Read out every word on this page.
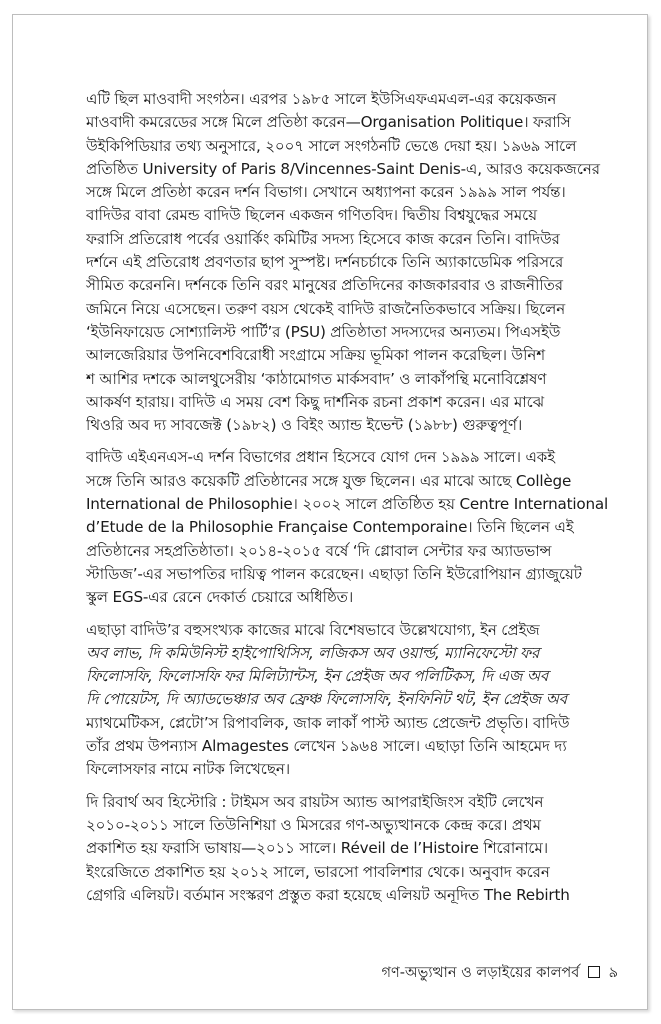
এটি ছিল মাওবাদী সংগঠন। এরপর ১৯৮৫ সালে ইউসিএফএমএল-এর কয়েকজন
মাওবাদী কমরেডের সঙ্গে মিলে প্রতিষ্ঠা করেন—Organisation Politique। ফরাসি
উইকিপিডিয়ার তথ্য অনুসারে, ২০০৭ সালে সংগঠনটি ভেঙে দেয়া হয়। ১৯৬৯ সালে
প্রতিষ্ঠিত University of Paris 8/Vincennes-Saint Denis-এ, আরও কয়েকজনের
সঙ্গে মিলে প্রতিষ্ঠা করেন দর্শন বিভাগ। সেখানে অধ্যাপনা করেন ১৯৯৯ সাল পর্যন্ত।
বাদিউর বাবা রেমন্ড বাদিউ ছিলেন একজন গণিতবিদ। দ্বিতীয় বিশ্বযুদ্ধের সময়ে
ফরাসি প্রতিরোধ পর্বের ওয়ার্কিং কমিটির সদস্য হিসেবে কাজ করেন তিনি। বাদিউর
দর্শনে এই প্রতিরোধ প্রবণতার ছাপ সুস্পষ্ট। দর্শনচর্চাকে তিনি অ্যাকাডেমিক পরিসরে
সীমিত করেননি। দর্শনকে তিনি বরং মানুষের প্রতিদিনের কাজকারবার ও রাজনীতির
জমিনে নিয়ে এসেছেন। তরুণ বয়স থেকেই বাদিউ রাজনৈতিকভাবে সক্রিয়। ছিলেন
‘ইউনিফায়েড সোশ্যালিস্ট পার্টি’র (PSU) প্রতিষ্ঠাতা সদস্যদের অন্যতম। পিএসইউ
আলজেরিয়ার উপনিবেশবিরোধী সংগ্রামে সক্রিয় ভূমিকা পালন করেছিল। উনিশ
শ আশির দশকে আলথুসেরীয় ‘কাঠামোগত মার্কসবাদ’ ও লাকাঁপন্থি মনোবিশ্লেষণ
আকর্ষণ হারায়। বাদিউ এ সময় বেশ কিছু দার্শনিক রচনা প্রকাশ করেন। এর মাঝে
থিওরি অব দ্য সাবজেক্ট (১৯৮২) ও বিইং অ্যান্ড ইভেন্ট (১৯৮৮) গুরুত্বপূর্ণ।
বাদিউ এইএনএস-এ দর্শন বিভাগের প্রধান হিসেবে যোগ দেন ১৯৯৯ সালে। একই
সঙ্গে তিনি আরও কয়েকটি প্রতিষ্ঠানের সঙ্গে যুক্ত ছিলেন। এর মাঝে আছে Collège
International de Philosophie। ২০০২ সালে প্রতিষ্ঠিত হয় Centre International
d’Etude de la Philosophie Française Contemporaine। তিনি ছিলেন এই
প্রতিষ্ঠানের সহপ্রতিষ্ঠাতা। ২০১৪-২০১৫ বর্ষে ‘দি গ্লোবাল সেন্টার ফর অ্যাডভান্স
স্টাডিজ’-এর সভাপতির দায়িত্ব পালন করেছেন। এছাড়া তিনি ইউরোপিয়ান গ্র্যাজুয়েট
স্কুল EGS-এর রেনে দেকার্ত চেয়ারে অধিষ্ঠিত।
এছাড়া বাদিউ’র বহুসংখ্যক কাজের মাঝে বিশেষভাবে উল্লেখযোগ্য, ইন প্রেইজ
অব লাভ, দি কমিউনিস্ট হাইপোথিসিস, লজিকস অব ওয়ার্ল্ড, ম্যানিফেস্টো ফর
ফিলোসফি, ফিলোসফি ফর মিলিট্যান্টস, ইন প্রেইজ অব পলিটিকস, দি এজ অব
দি পোয়েটস, দি অ্যাডভেঞ্চার অব ফ্রেঞ্চ ফিলোসফি, ইনফিনিট থট, ইন প্রেইজ অব
ম্যাথমেটিকস, প্লেটো’স রিপাবলিক, জাক লাকাঁ পাস্ট অ্যান্ড প্রেজেন্ট প্রভৃতি। বাদিউ
তাঁর প্রথম উপন্যাস Almagestes লেখেন ১৯৬৪ সালে। এছাড়া তিনি আহমেদ দ্য
ফিলোসফার নামে নাটক লিখেছেন।
দি রিবার্থ অব হিস্টোরি : টাইমস অব রায়টস অ্যান্ড আপরাইজিংস বইটি লেখেন
২০১০-২০১১ সালে তিউনিশিয়া ও মিসরের গণ-অভ্যুত্থানকে কেন্দ্র করে। প্রথম
প্রকাশিত হয় ফরাসি ভাষায়—২০১১ সালে। Réveil de l’Histoire শিরোনামে।
ইংরেজিতে প্রকাশিত হয় ২০১২ সালে, ভারসো পাবলিশার থেকে। অনুবাদ করেন
গ্রেগরি এলিয়ট। বর্তমান সংস্করণ প্রস্তুত করা হয়েছে এলিয়ট অনূদিত The Rebirth
গণ-অভ্যুত্থান ও লড়াইয়ের কালপর্ব ৯
